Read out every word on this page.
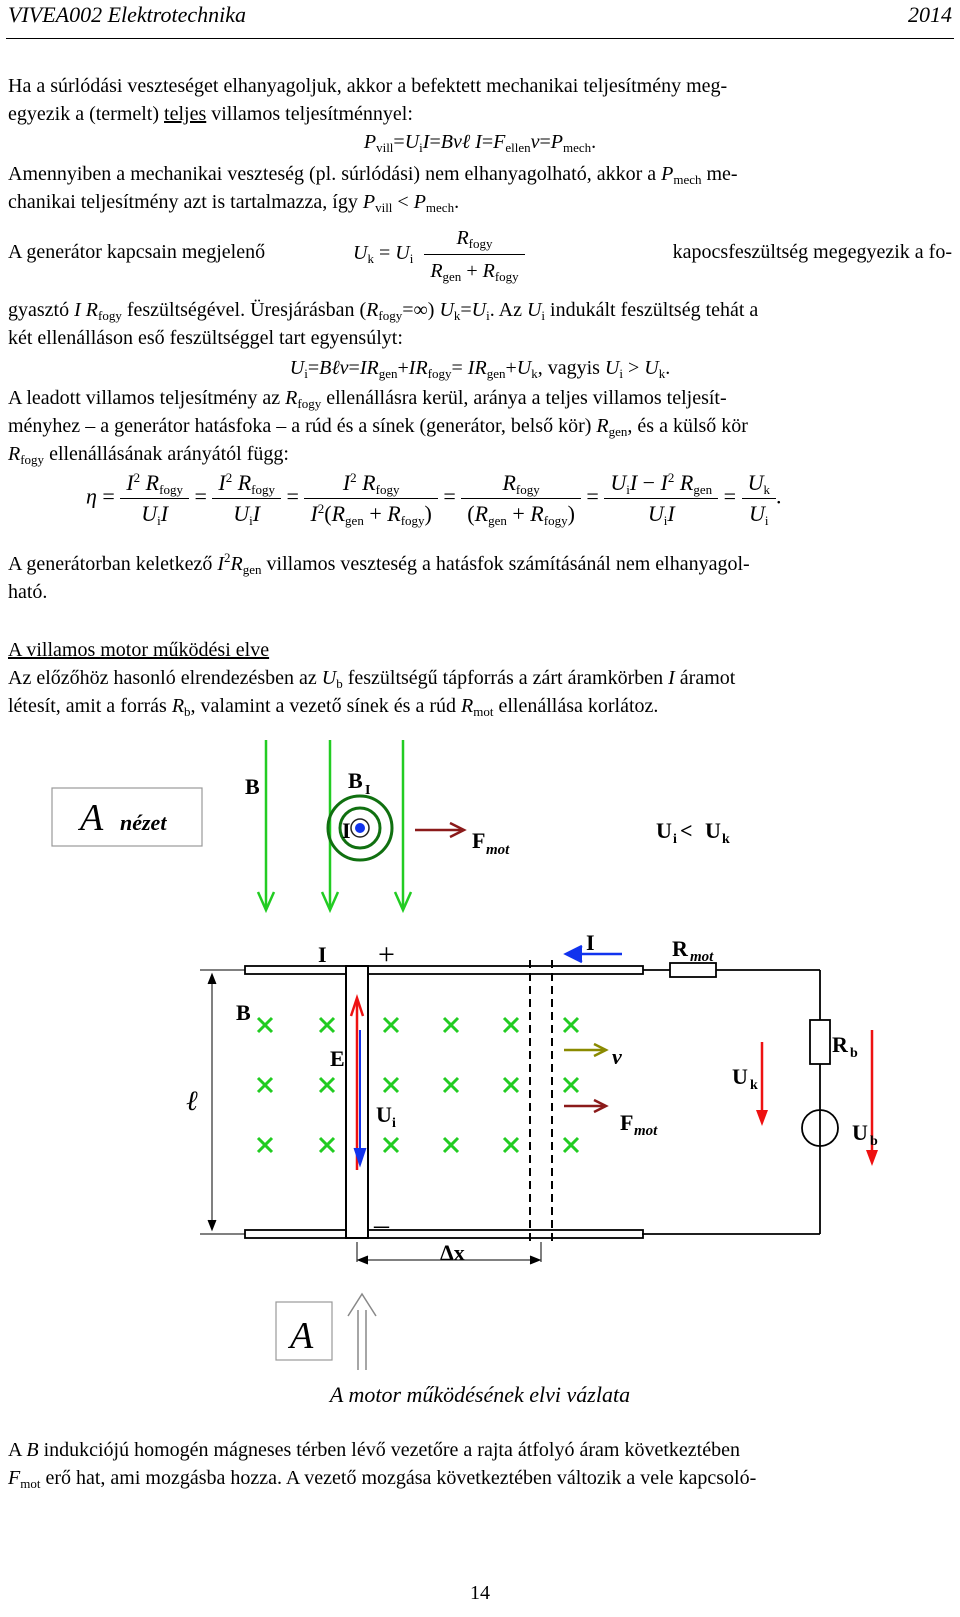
VIVEA002 Elektrotechnika	2014
Ha a súrlódási veszteséget elhanyagoljuk, akkor a befektett mechanikai teljesítmény meg-
egyezik a (termelt) teljes villamos teljesítménnyel:
$P_{vill}=U_iI=Bv\ell$ $I=F_{ellen}v=P_{mech}$.
Amennyiben a mechanikai veszteség (pl. súrlódási) nem elhanyagolható, akkor a $P_{mech}$ me-
chanikai teljesítmény azt is tartalmazza, így $P_{vill} < P_{mech}$.
A generátor kapcsain megjelenő	$U_k = U_i$
$R_{fogy}$
$R_{gen} + R_{fogy}$
kapocsfeszültség megegyezik a fo-
gyasztó I $R_{fogy}$ feszültségével. Üresjárásban $(R_{fogy}=\infty)$ $U_k=U_i$. Az $U_i$ indukált feszültség tehát a
két ellenálláson eső feszültséggel tart egyensúlyt:
$U_i=B\ell v=IR_{gen}+IR_{fogy}= IR_{gen}+U_k$, vagyis $U_i > U_k$.
A leadott villamos teljesítmény az $R_{fogy}$ ellenállásra kerül, aránya a teljes villamos teljesít-
ményhez – a generátor hatásfoka – a rúd és a sínek (generátor, belső kör) $R_{gen}$, és a külső kör
$R_{fogy}$ ellenállásának arányától függ:
η =
$I^2$ $R_{fogy}$
$U_iI$
=
$I^2$ $R_{fogy}$
$U_iI$
=
$I^2$ $R_{fogy}$
$I^2(R_{gen} + R_{fogy})$
=
$R_{fogy}$
$(R_{gen} + R_{fogy})$
=
$U_iI - I^2$ $R_{gen}$
$U_iI$
= $\frac{U_k}{U_i}$ .
A generátorban keletkező $I^2R_{gen}$ villamos veszteség a hatásfok számításánál nem elhanyagol-
ható.
A villamos motor működési elve
Az előzőhöz hasonló elrendezésben az $U_b$ feszültségű tápforrás a zárt áramkörben I áramot
létesít, amit a forrás $R_b$, valamint a vezető sínek és a rúd $R_{mot}$ ellenállása korlátoz.
A nézet
B	B I
I	F mot
U i < U k
I +	I	R mot
B
E
U i
v
F mot
U k
R b
U b
ℓ
–
Δx
A
A motor működésének elvi vázlata
A B indukciójú homogén mágneses térben lévő vezetőre a rajta átfolyó áram következtében
$F_{mot}$ erő hat, ami mozgásba hozza. A vezető mozgása következtében változik a vele kapcsoló-
14
